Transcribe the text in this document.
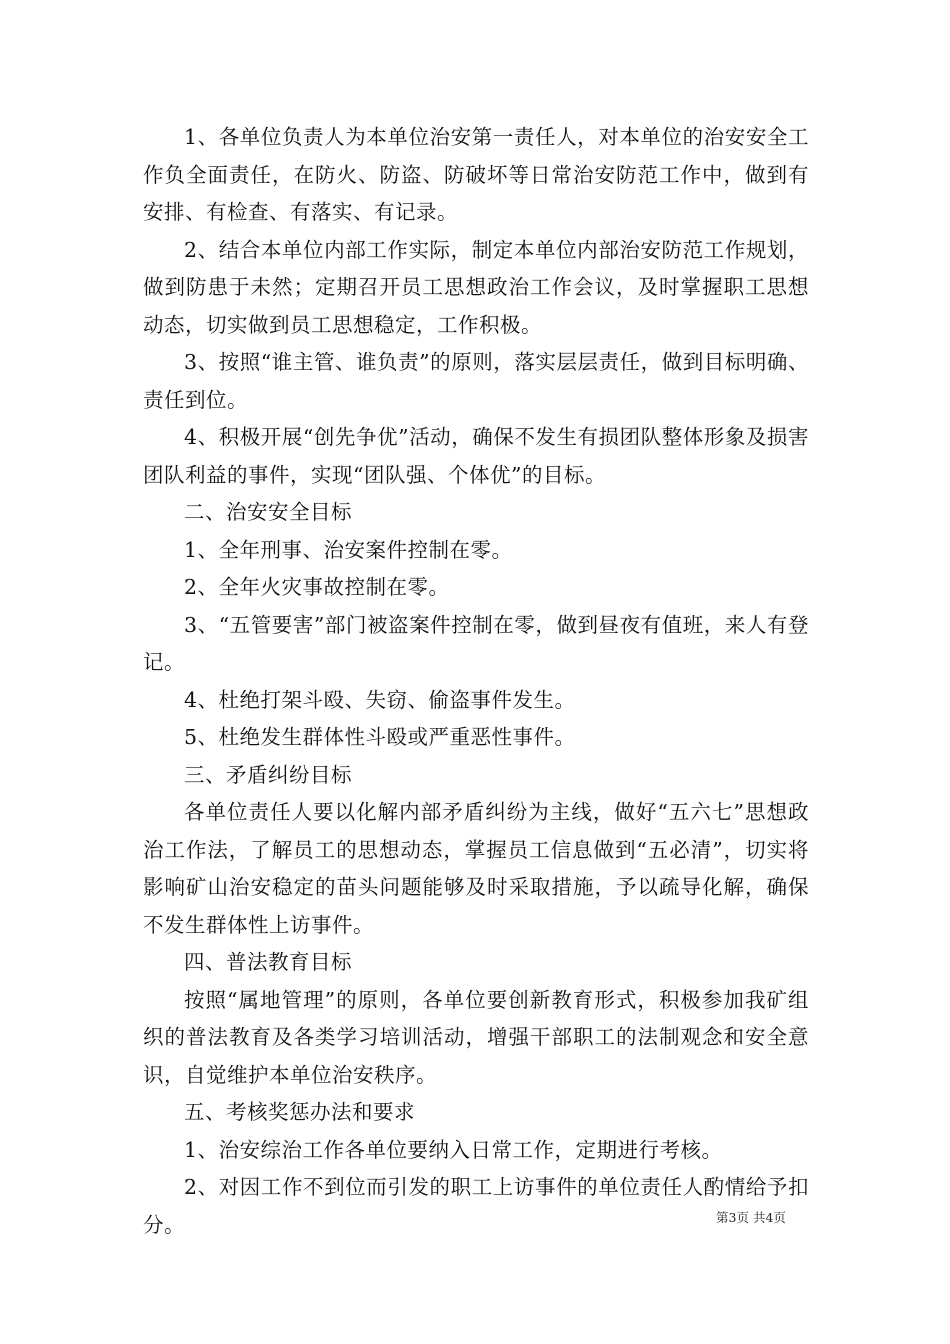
1、各单位负责人为本单位治安第一责任人，对本单位的治安安全工作负全面责任，在防火、防盗、防破坏等日常治安防范工作中，做到有安排、有检查、有落实、有记录。

2、结合本单位内部工作实际，制定本单位内部治安防范工作规划，做到防患于未然；定期召开员工思想政治工作会议，及时掌握职工思想动态，切实做到员工思想稳定，工作积极。

3、按照“谁主管、谁负责”的原则，落实层层责任，做到目标明确、责任到位。

4、积极开展“创先争优”活动，确保不发生有损团队整体形象及损害团队利益的事件，实现“团队强、个体优”的目标。

二、治安安全目标

1、全年刑事、治安案件控制在零。

2、全年火灾事故控制在零。

3、“五管要害”部门被盗案件控制在零，做到昼夜有值班，来人有登记。

4、杜绝打架斗殴、失窃、偷盗事件发生。

5、杜绝发生群体性斗殴或严重恶性事件。

三、矛盾纠纷目标

各单位责任人要以化解内部矛盾纠纷为主线，做好“五六七”思想政治工作法，了解员工的思想动态，掌握员工信息做到“五必清”，切实将影响矿山治安稳定的苗头问题能够及时采取措施，予以疏导化解，确保不发生群体性上访事件。

四、普法教育目标

按照“属地管理”的原则，各单位要创新教育形式，积极参加我矿组织的普法教育及各类学习培训活动，增强干部职工的法制观念和安全意识，自觉维护本单位治安秩序。

五、考核奖惩办法和要求

1、治安综治工作各单位要纳入日常工作，定期进行考核。

2、对因工作不到位而引发的职工上访事件的单位责任人酌情给予扣分。	第3页 共4页
